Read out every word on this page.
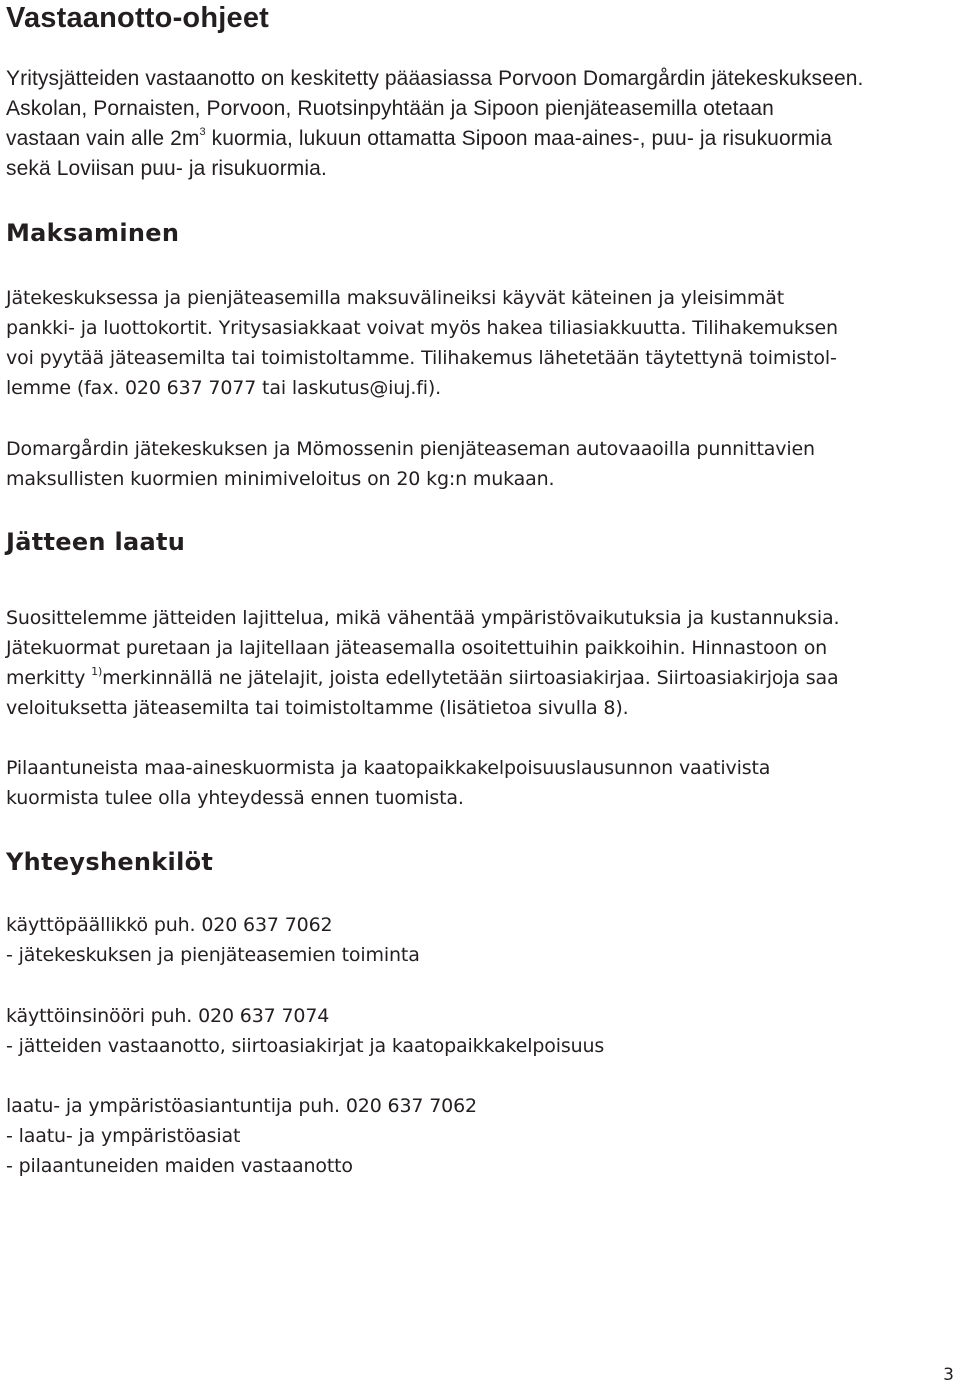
Vastaanotto-ohjeet

Yritysjätteiden vastaanotto on keskitetty pääasiassa Porvoon Domargårdin jätekeskukseen.
Askolan, Pornaisten, Porvoon, Ruotsinpyhtään ja Sipoon pienjäteasemilla otetaan
vastaan vain alle $2m^3$ kuormia, lukuun ottamatta Sipoon maa-aines-, puu- ja risukuormia
sekä Loviisan puu- ja risukuormia.

Maksaminen

Jätekeskuksessa ja pienjäteasemilla maksuvälineiksi käyvät käteinen ja yleisimmät
pankki- ja luottokortit. Yritysasiakkaat voivat myös hakea tiliasiakkuutta. Tilihakemuksen
voi pyytää jäteasemilta tai toimistoltamme. Tilihakemus lähetetään täytettynä toimistol-
lemme (fax. 020 637 7077 tai laskutus@iuj.fi).

Domargårdin jätekeskuksen ja Mömossenin pienjäteaseman autovaaoilla punnittavien
maksullisten kuormien minimiveloitus on 20 kg:n mukaan.

Jätteen laatu

Suosittelemme jätteiden lajittelua, mikä vähentää ympäristövaikutuksia ja kustannuksia.
Jätekuormat puretaan ja lajitellaan jäteasemalla osoitettuihin paikkoihin. Hinnastoon on
merkitty $^{1)}$merkinnällä ne jätelajit, joista edellytetään siirtoasiakirjaa. Siirtoasiakirjoja saa
veloituksetta jäteasemilta tai toimistoltamme (lisätietoa sivulla 8).

Pilaantuneista maa-aineskuormista ja kaatopaikkakelpoisuuslausunnon vaativista
kuormista tulee olla yhteydessä ennen tuomista.

Yhteyshenkilöt

käyttöpäällikkö puh. 020 637 7062
- jätekeskuksen ja pienjäteasemien toiminta

käyttöinsinööri puh. 020 637 7074
- jätteiden vastaanotto, siirtoasiakirjat ja kaatopaikkakelpoisuus

laatu- ja ympäristöasiantuntija puh. 020 637 7062
- laatu- ja ympäristöasiat
- pilaantuneiden maiden vastaanotto

3
